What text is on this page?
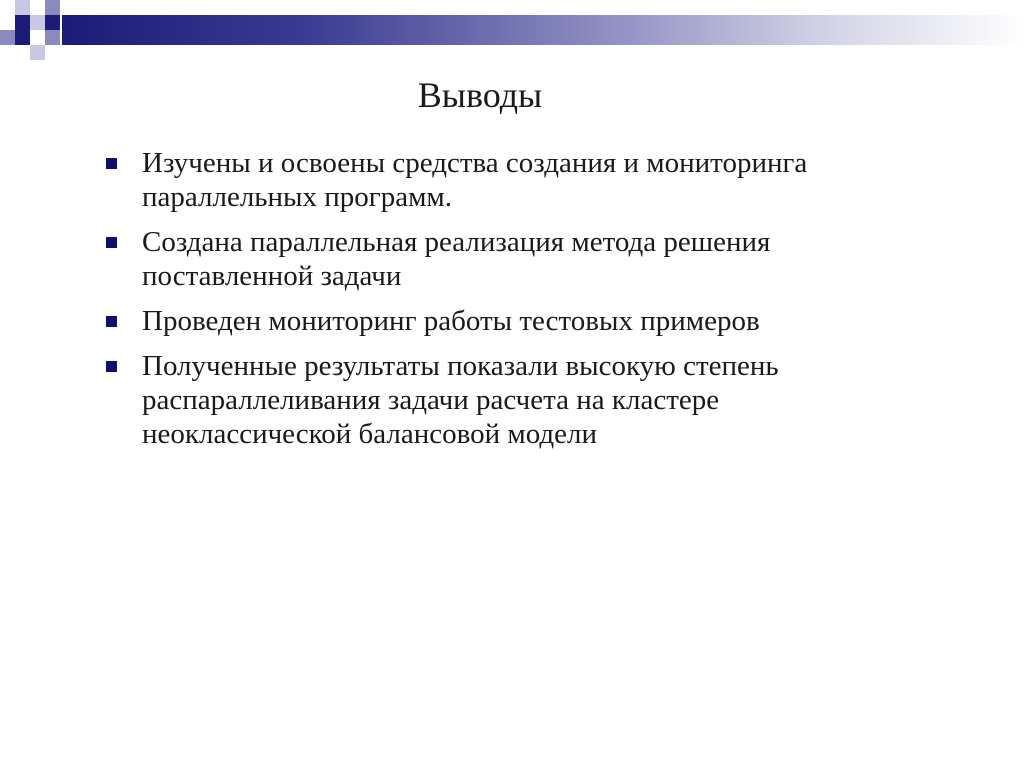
Выводы
Изучены и освоены средства создания и мониторинга параллельных программ.
Создана параллельная реализация метода решения поставленной задачи
Проведен мониторинг работы тестовых примеров
Полученные результаты показали высокую степень распараллеливания задачи расчета на кластере неоклассической балансовой модели
